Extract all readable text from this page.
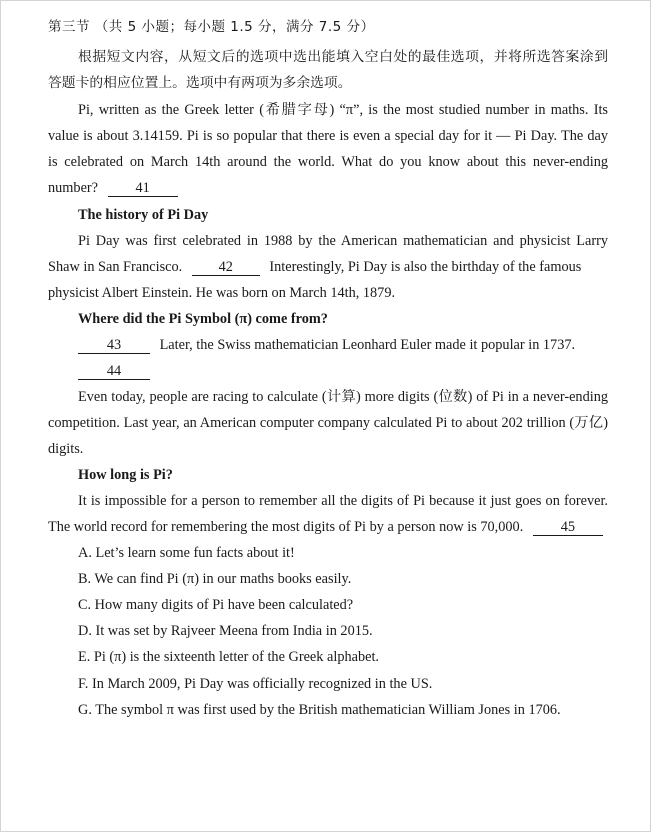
第三节 （共 5 小题；每小题 1.5 分，满分 7.5 分）
根据短文内容，从短文后的选项中选出能填入空白处的最佳选项，并将所选答案涂到
答题卡的相应位置上。选项中有两项为多余选项。
Pi, written as the Greek letter (希腊字母) “π”, is the most studied number in maths. Its
value is about 3.14159. Pi is so popular that there is even a special day for it — Pi Day. The day
is celebrated on March 14th around the world. What do you know about this never-ending
number?	41
The history of Pi Day
Pi Day was first celebrated in 1988 by the American mathematician and physicist Larry
Shaw in San Francisco.	42	Interestingly, Pi Day is also the birthday of the famous
physicist Albert Einstein. He was born on March 14th, 1879.
Where did the Pi Symbol (π) come from?
43	Later, the Swiss mathematician Leonhard Euler made it popular in 1737.
44
Even today, people are racing to calculate (计算) more digits (位数) of Pi in a never-ending
competition. Last year, an American computer company calculated Pi to about 202 trillion (万亿)
digits.
How long is Pi?
It is impossible for a person to remember all the digits of Pi because it just goes on forever.
The world record for remembering the most digits of Pi by a person now is 70,000.	45
A. Let’s learn some fun facts about it!
B. We can find Pi (π) in our maths books easily.
C. How many digits of Pi have been calculated?
D. It was set by Rajveer Meena from India in 2015.
E. Pi (π) is the sixteenth letter of the Greek alphabet.
F. In March 2009, Pi Day was officially recognized in the US.
G. The symbol π was first used by the British mathematician William Jones in 1706.
